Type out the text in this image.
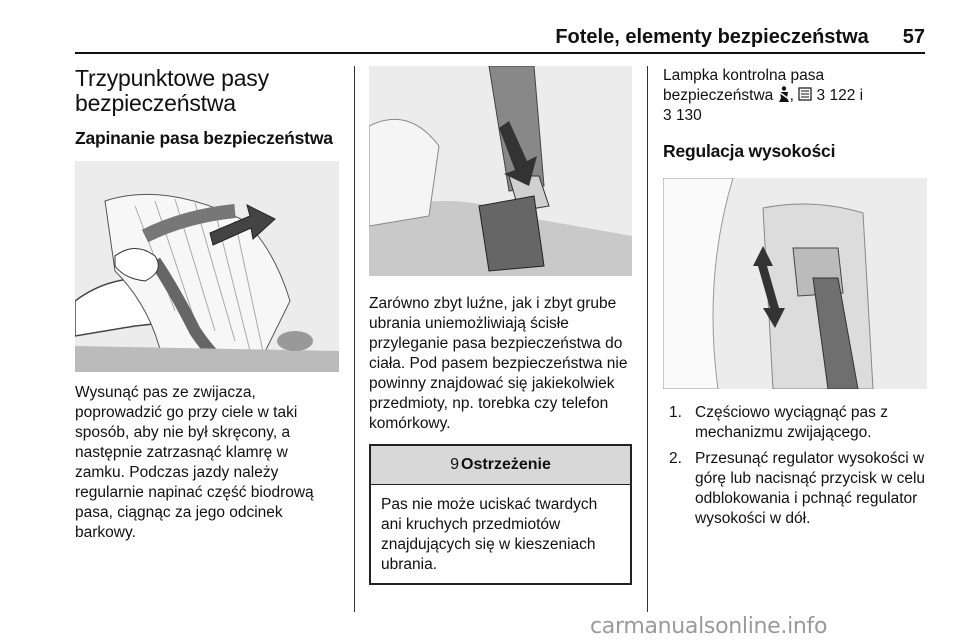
Fotele, elementy bezpieczeństwa 57
Trzypunktowe pasy bezpieczeństwa
Zapinanie pasa bezpieczeństwa

Wysunąć pas ze zwijacza, poprowadzić go przy ciele w taki sposób, aby nie był skręcony, a następnie zatrzasnąć klamrę w zamku. Podczas jazdy należy regularnie napinać część biodrową pasa, ciągnąc za jego odcinek barkowy.

Zarówno zbyt luźne, jak i zbyt grube ubrania uniemożliwiają ścisłe przyleganie pasa bezpieczeństwa do ciała. Pod pasem bezpieczeństwa nie powinny znajdować się jakiekolwiek przedmioty, np. torebka czy telefon komórkowy.

9 Ostrzeżenie
Pas nie może uciskać twardych ani kruchych przedmiotów znajdujących się w kieszeniach ubrania.

Lampka kontrolna pasa
bezpieczeństwa ,  3 122 i
3 130

Regulacja wysokości
1. Częściowo wyciągnąć pas z mechanizmu zwijającego.
2. Przesunąć regulator wysokości w górę lub nacisnąć przycisk w celu odblokowania i pchnąć regulator wysokości w dół.
carmanualsonline.info
